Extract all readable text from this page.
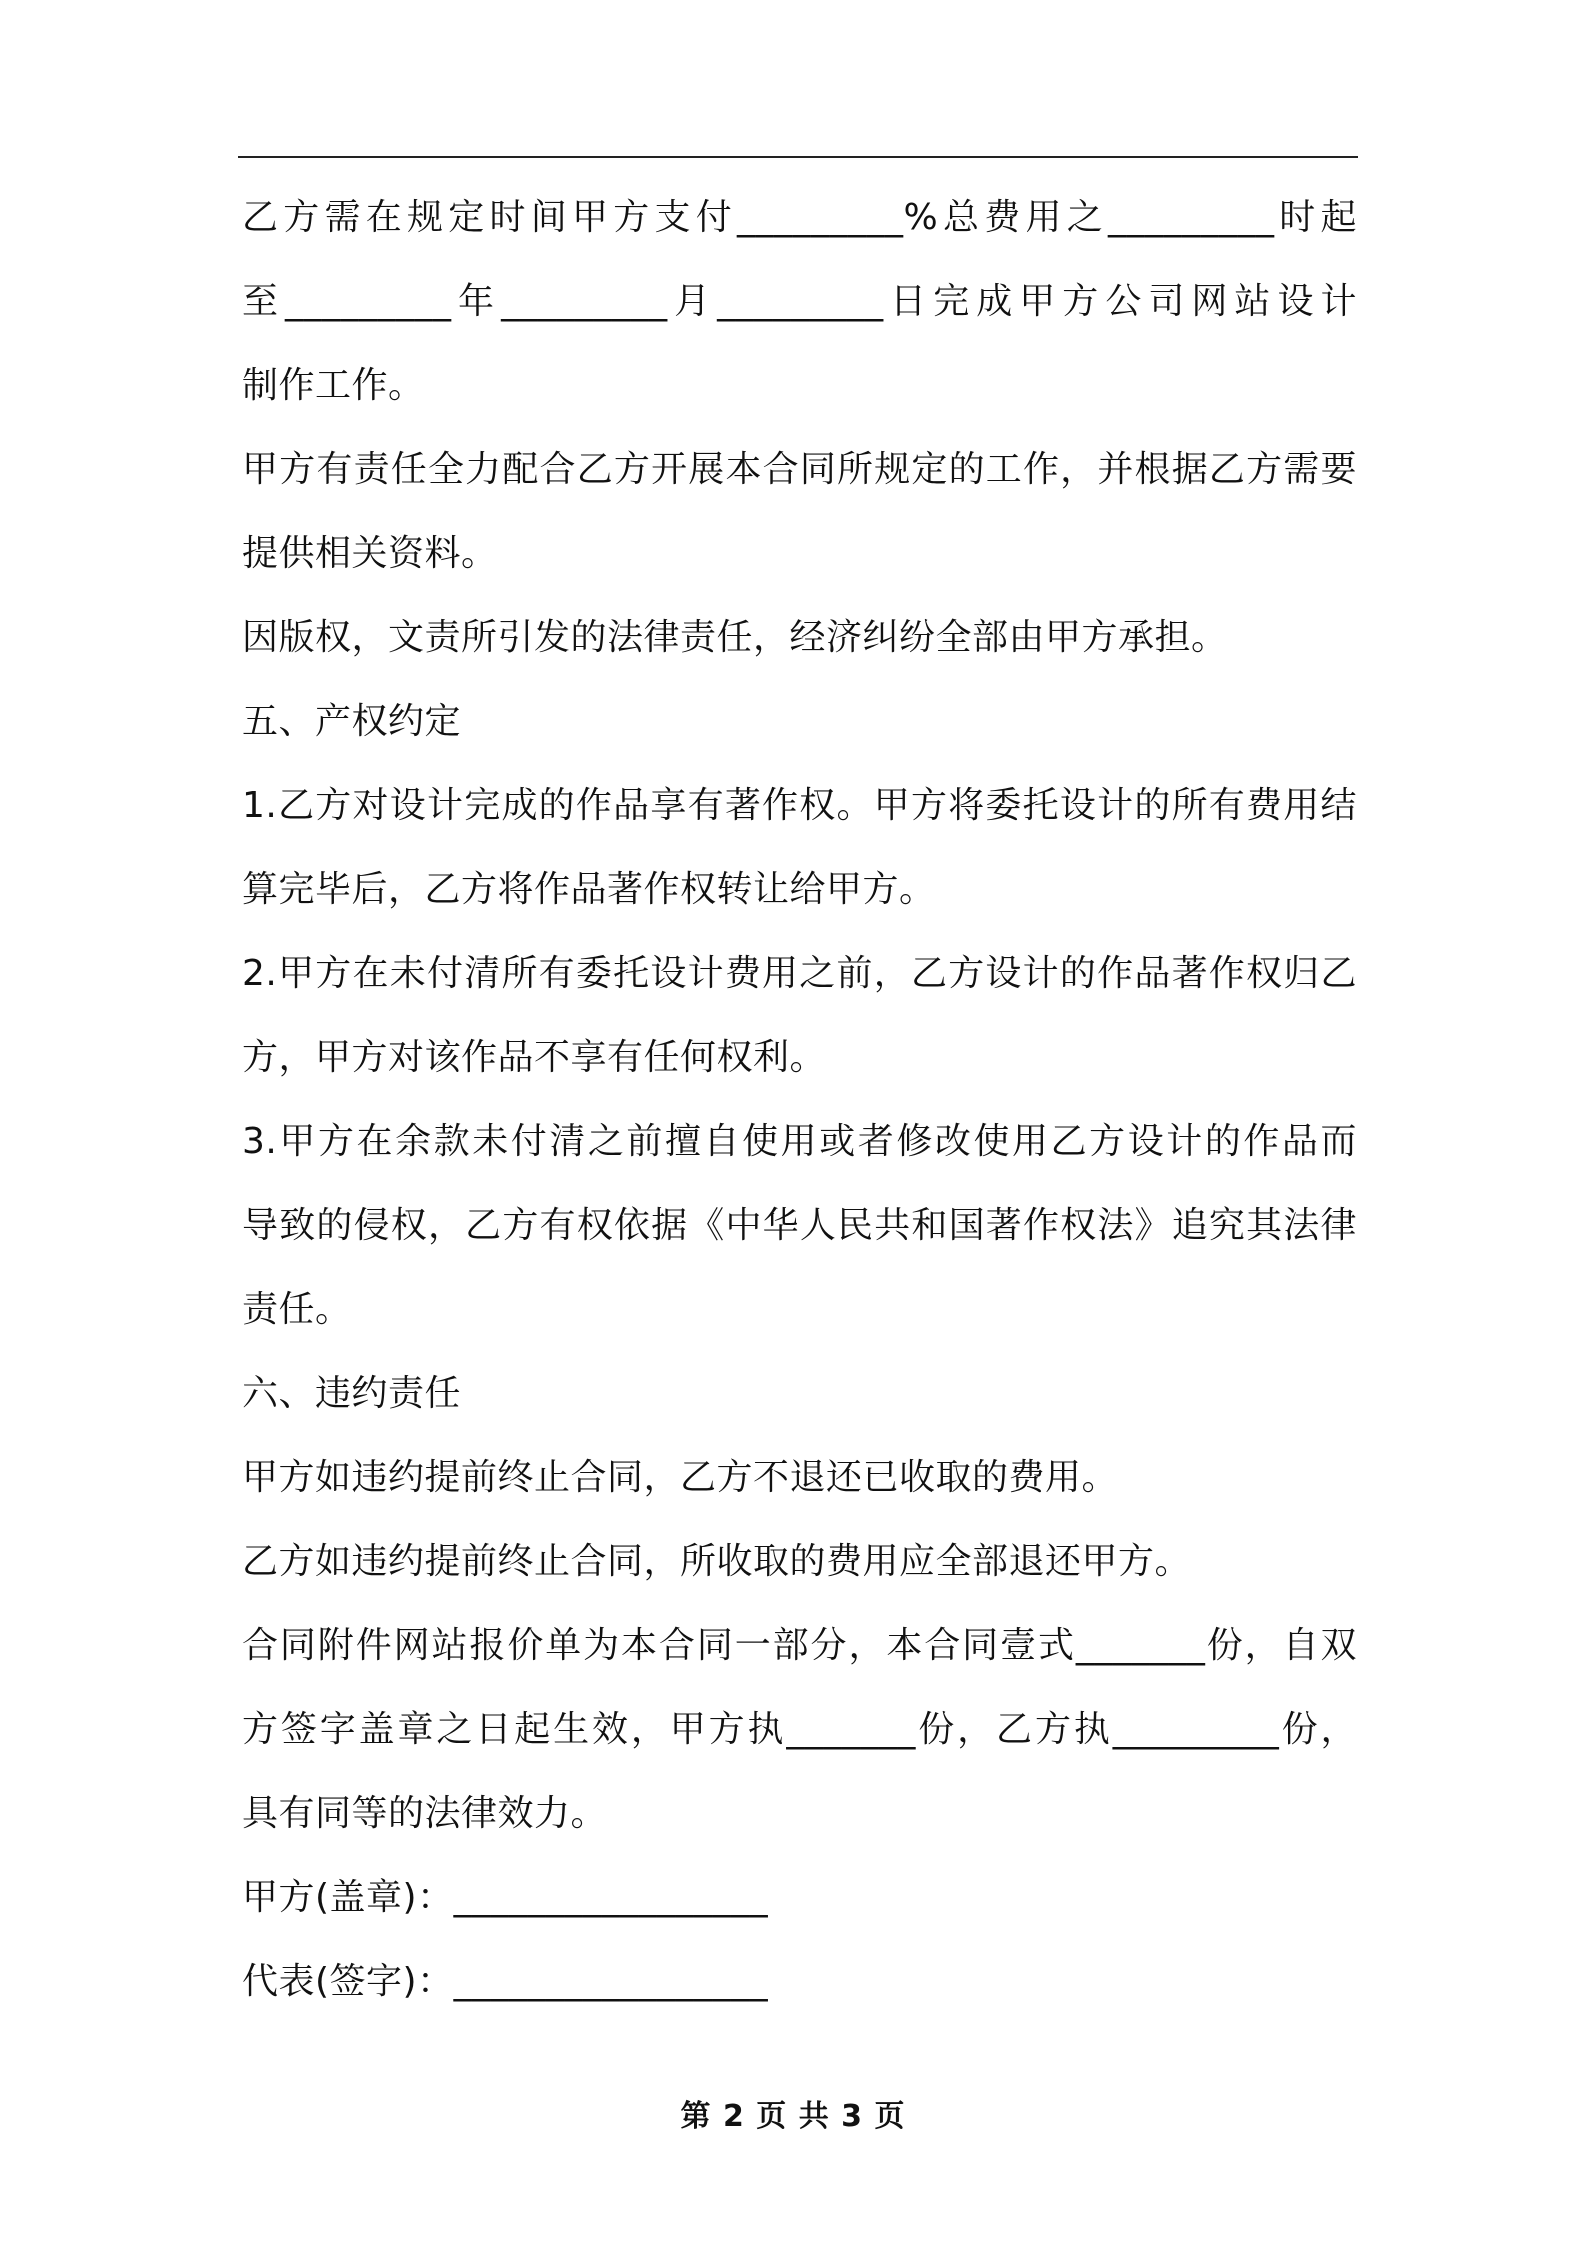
乙方需在规定时间甲方支付_________%总费用之_________时起
至_________年_________月_________日完成甲方公司网站设计
制作工作。
甲方有责任全力配合乙方开展本合同所规定的工作，并根据乙方需要
提供相关资料。
因版权，文责所引发的法律责任，经济纠纷全部由甲方承担。
五、产权约定
1.乙方对设计完成的作品享有著作权。甲方将委托设计的所有费用结
算完毕后，乙方将作品著作权转让给甲方。
2.甲方在未付清所有委托设计费用之前，乙方设计的作品著作权归乙
方，甲方对该作品不享有任何权利。
3.甲方在余款未付清之前擅自使用或者修改使用乙方设计的作品而
导致的侵权，乙方有权依据《中华人民共和国著作权法》追究其法律
责任。
六、违约责任
甲方如违约提前终止合同，乙方不退还已收取的费用。
乙方如违约提前终止合同，所收取的费用应全部退还甲方。
合同附件网站报价单为本合同一部分，本合同壹式_______份，自双
方签字盖章之日起生效，甲方执_______份，乙方执_________份，
具有同等的法律效力。
甲方(盖章)：_________________
代表(签字)：_________________
第 2 页 共 3 页
